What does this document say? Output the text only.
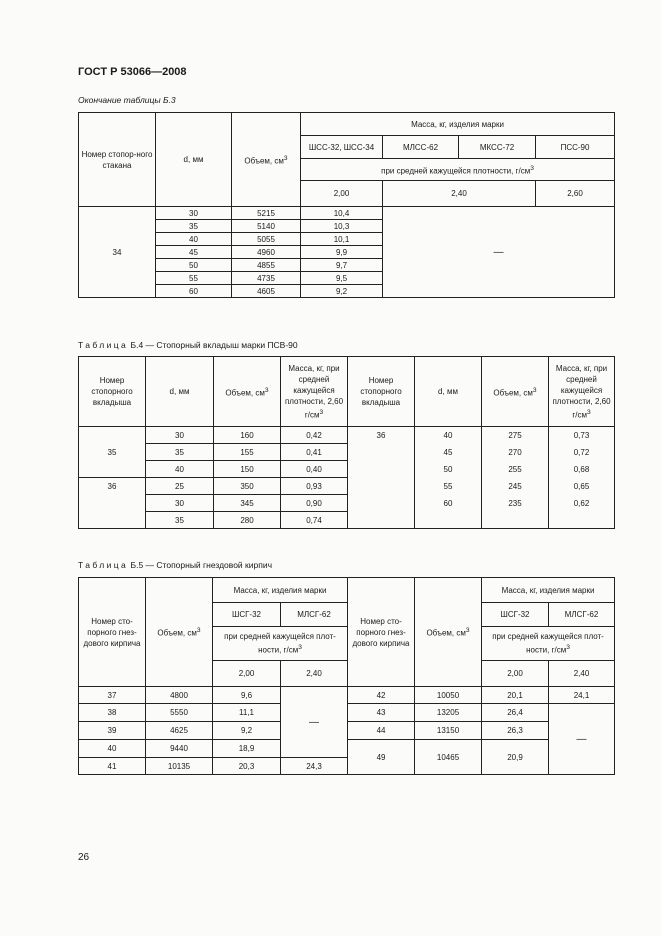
ГОСТ Р 53066—2008
Окончание таблицы Б.3
Номер стопор-ного стакана	d, мм	Объем, $см^3$	Масса, кг, изделия марки			
			ШСС-32, ШСС-34	МЛСС-62	МКСС-72	ПСС-90
			при средней кажущейся плотности, $г/см^3$
			2,00	2,40		2,60
34	30	5215	10,4	—		
	35	5140	10,3			
	40	5055	10,1			
	45	4960	9,9			
	50	4855	9,7			
	55	4735	9,5			
	60	4605	9,2			
Таблица Б.4 — Стопорный вкладыш марки ПСВ-90
Номер стопорного вкладыша	d, мм	Объем, $см^3$	Масса, кг, при средней кажущейся плотности, 2,60 $г/см^3$	Номер стопорного вкладыша	d, мм	Объем, $см^3$	Масса, кг, при средней кажущейся плотности, 2,60 $г/см^3$
35	30	160	0,42	36	40	275	0,73
	35	155	0,41		45	270	0,72
	40	150	0,40		50	255	0,68
36	25	350	0,93		55	245	0,65
	30	345	0,90		60	235	0,62
	35	280	0,74				
Таблица Б.5 — Стопорный гнездовой кирпич
Номер сто-порного гнез-дового кирпича	Объем, $см^3$	Масса, кг, изделия марки		Номер сто-порного гнез-дового кирпича	Объем, $см^3$	Масса, кг, изделия марки	
		ШСГ-32	МЛСГ-62			ШСГ-32	МЛСГ-62
		при средней кажущейся плот-ности, $г/см^3$				при средней кажущейся плот-ности, $г/см^3$
		2,00	2,40			2,00	2,40
37	4800	9,6	—	42	10050	20,1	24,1
38	5550	11,1		43	13205	26,4	—
39	4625	9,2		44	13150	26,3	
40	9440	18,9		49	10465	20,9	
41	10135	20,3	24,3				
26
